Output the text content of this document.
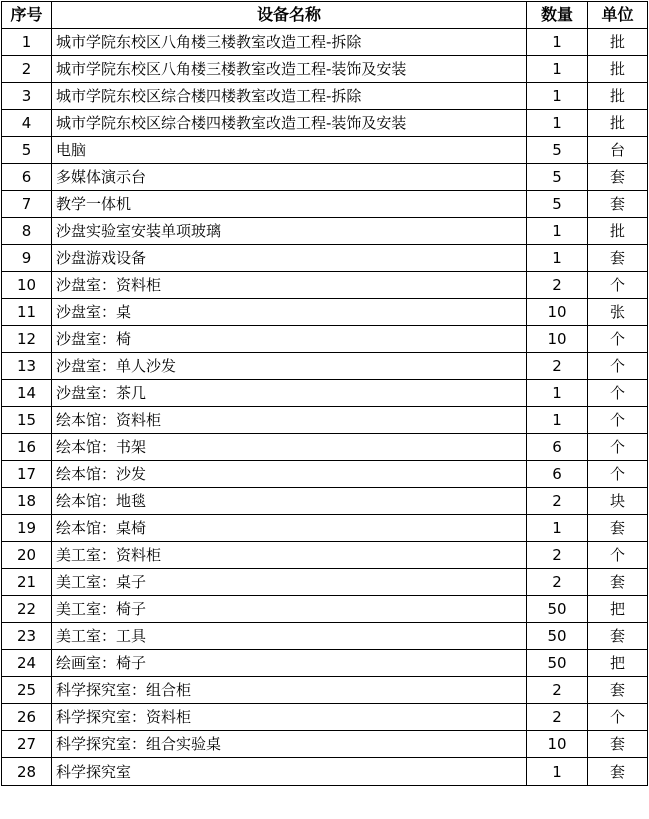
序号	设备名称	数量	单位
1	城市学院东校区八角楼三楼教室改造工程-拆除	1	批
2	城市学院东校区八角楼三楼教室改造工程-装饰及安装	1	批
3	城市学院东校区综合楼四楼教室改造工程-拆除	1	批
4	城市学院东校区综合楼四楼教室改造工程-装饰及安装	1	批
5	电脑	5	台
6	多媒体演示台	5	套
7	教学一体机	5	套
8	沙盘实验室安装单项玻璃	1	批
9	沙盘游戏设备	1	套
10	沙盘室：资料柜	2	个
11	沙盘室：桌	10	张
12	沙盘室：椅	10	个
13	沙盘室：单人沙发	2	个
14	沙盘室：茶几	1	个
15	绘本馆：资料柜	1	个
16	绘本馆：书架	6	个
17	绘本馆：沙发	6	个
18	绘本馆：地毯	2	块
19	绘本馆：桌椅	1	套
20	美工室：资料柜	2	个
21	美工室：桌子	2	套
22	美工室：椅子	50	把
23	美工室：工具	50	套
24	绘画室：椅子	50	把
25	科学探究室：组合柜	2	套
26	科学探究室：资料柜	2	个
27	科学探究室：组合实验桌	10	套
28	科学探究室	1	套
